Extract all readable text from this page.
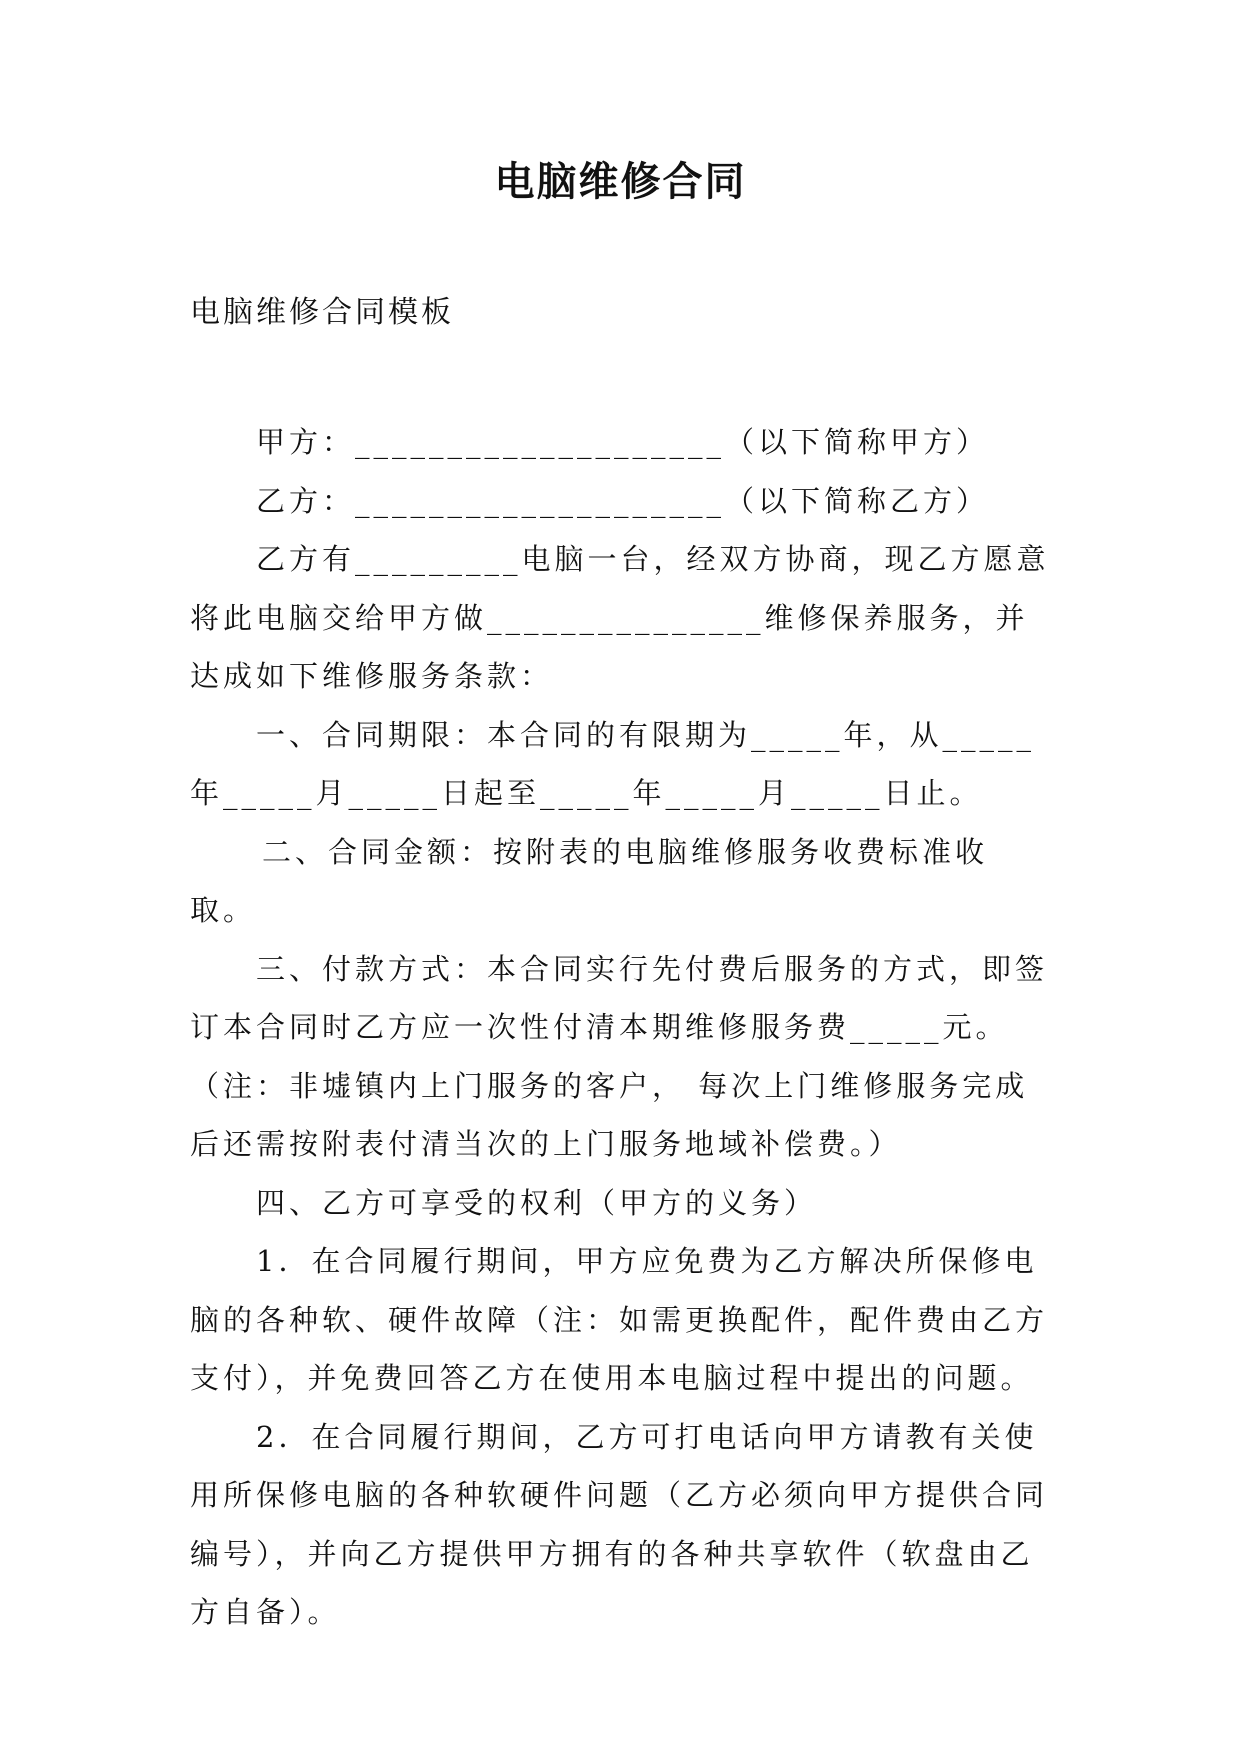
电脑维修合同

电脑维修合同模板

甲方：____________________（以下简称甲方）

乙方：____________________（以下简称乙方）

乙方有_________电脑一台，经双方协商，现乙方愿意将此电脑交给甲方做_______________维修保养服务，并达成如下维修服务条款：

一、合同期限：本合同的有限期为_____年，从_____年_____月_____日起至_____年_____月_____日止。

二、合同金额：按附表的电脑维修服务收费标准收取。

三、付款方式：本合同实行先付费后服务的方式，即签订本合同时乙方应一次性付清本期维修服务费_____元。（注：非墟镇内上门服务的客户， 每次上门维修服务完成后还需按附表付清当次的上门服务地域补偿费。）

四、乙方可享受的权利（甲方的义务）

1．在合同履行期间，甲方应免费为乙方解决所保修电脑的各种软、硬件故障（注：如需更换配件，配件费由乙方支付），并免费回答乙方在使用本电脑过程中提出的问题。

2．在合同履行期间，乙方可打电话向甲方请教有关使用所保修电脑的各种软硬件问题（乙方必须向甲方提供合同编号），并向乙方提供甲方拥有的各种共享软件（软盘由乙方自备）。
